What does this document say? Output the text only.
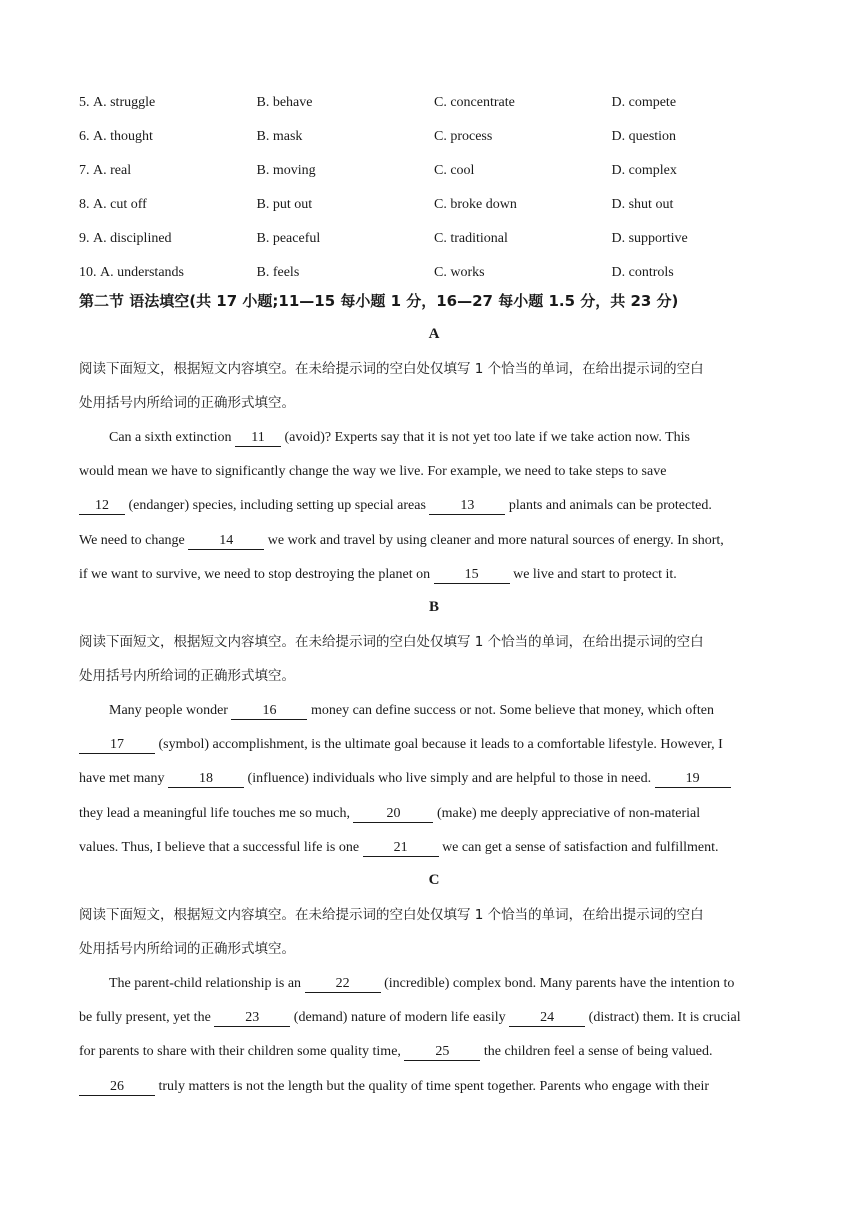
5. A. struggle	B. behave	C. concentrate	D. compete
6. A. thought	B. mask	C. process	D. question
7. A. real	B. moving	C. cool	D. complex
8. A. cut off	B. put out	C. broke down	D. shut out
9. A. disciplined	B. peaceful	C. traditional	D. supportive
10. A. understands	B. feels	C. works	D. controls
第二节 语法填空(共 17 小题;11—15 每小题 1 分，16—27 每小题 1.5 分，共 23 分)
A
阅读下面短文，根据短文内容填空。在未给提示词的空白处仅填写 1 个恰当的单词，在给出提示词的空白
处用括号内所给词的正确形式填空。
Can a sixth extinction 11 (avoid)? Experts say that it is not yet too late if we take action now. This
would mean we have to significantly change the way we live. For example, we need to take steps to save
12 (endanger) species, including setting up special areas 13 plants and animals can be protected.
We need to change 14 we work and travel by using cleaner and more natural sources of energy. In short,
if we want to survive, we need to stop destroying the planet on 15 we live and start to protect it.
B
阅读下面短文，根据短文内容填空。在未给提示词的空白处仅填写 1 个恰当的单词，在给出提示词的空白
处用括号内所给词的正确形式填空。
Many people wonder 16 money can define success or not. Some believe that money, which often
17 (symbol) accomplishment, is the ultimate goal because it leads to a comfortable lifestyle. However, I
have met many 18 (influence) individuals who live simply and are helpful to those in need. 19
they lead a meaningful life touches me so much, 20 (make) me deeply appreciative of non-material
values. Thus, I believe that a successful life is one 21 we can get a sense of satisfaction and fulfillment.
C
阅读下面短文，根据短文内容填空。在未给提示词的空白处仅填写 1 个恰当的单词，在给出提示词的空白
处用括号内所给词的正确形式填空。
The parent-child relationship is an 22 (incredible) complex bond. Many parents have the intention to
be fully present, yet the 23 (demand) nature of modern life easily 24 (distract) them. It is crucial
for parents to share with their children some quality time, 25 the children feel a sense of being valued.
26 truly matters is not the length but the quality of time spent together. Parents who engage with their
